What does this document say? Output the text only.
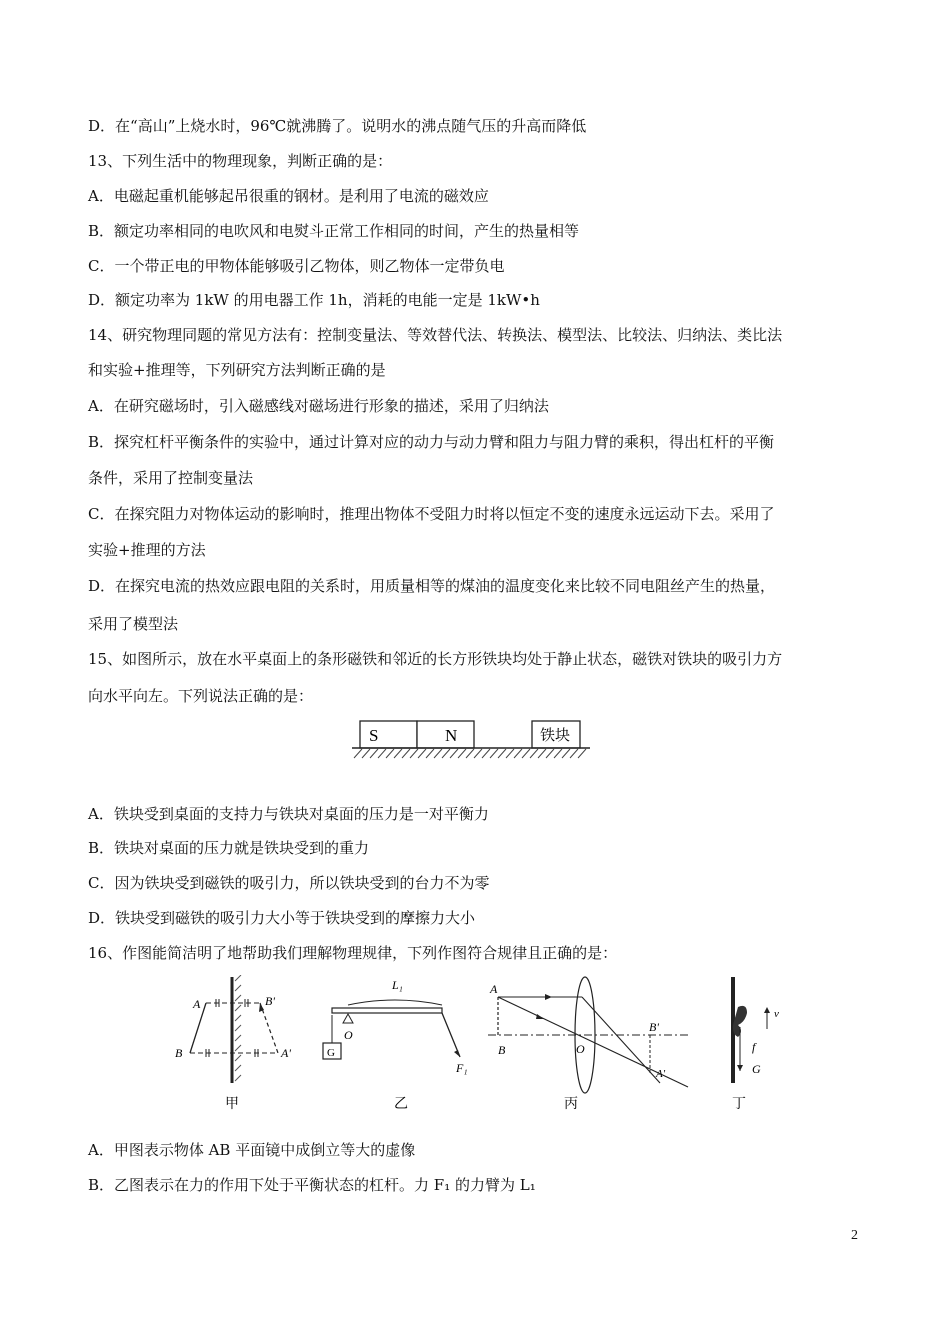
D．在“高山”上烧水时，96℃就沸腾了。说明水的沸点随气压的升高而降低
13、下列生活中的物理现象，判断正确的是：
A．电磁起重机能够起吊很重的钢材。是利用了电流的磁效应
B．额定功率相同的电吹风和电熨斗正常工作相同的时间，产生的热量相等
C．一个带正电的甲物体能够吸引乙物体，则乙物体一定带负电
D．额定功率为 1kW 的用电器工作 1h，消耗的电能一定是 1kW•h
14、研究物理同题的常见方法有：控制变量法、等效替代法、转换法、模型法、比较法、归纳法、类比法
和实验+推理等，下列研究方法判断正确的是
A．在研究磁场时，引入磁感线对磁场进行形象的描述，采用了归纳法
B．探究杠杆平衡条件的实验中，通过计算对应的动力与动力臂和阻力与阻力臂的乘积，得出杠杆的平衡
条件，采用了控制变量法
C．在探究阻力对物体运动的影响时，推理出物体不受阻力时将以恒定不变的速度永远运动下去。采用了
实验+推理的方法
D．在探究电流的热效应跟电阻的关系时，用质量相等的煤油的温度变化来比较不同电阻丝产生的热量，
采用了模型法
15、如图所示，放在水平桌面上的条形磁铁和邻近的长方形铁块均处于静止状态，磁铁对铁块的吸引力方
向水平向左。下列说法正确的是：
S	N	铁块
A．铁块受到桌面的支持力与铁块对桌面的压力是一对平衡力
B．铁块对桌面的压力就是铁块受到的重力
C．因为铁块受到磁铁的吸引力，所以铁块受到的台力不为零
D．铁块受到磁铁的吸引力大小等于铁块受到的摩擦力大小
16、作图能简洁明了地帮助我们理解物理规律，下列作图符合规律且正确的是：
A
B
B'
A'
甲
L₁
O
G
F₁
乙
A
B	O
B'
A'
丙
v
f
G
丁
A．甲图表示物体 AB 平面镜中成倒立等大的虚像
B．乙图表示在力的作用下处于平衡状态的杠杆。力 F₁ 的力臂为 L₁
2
